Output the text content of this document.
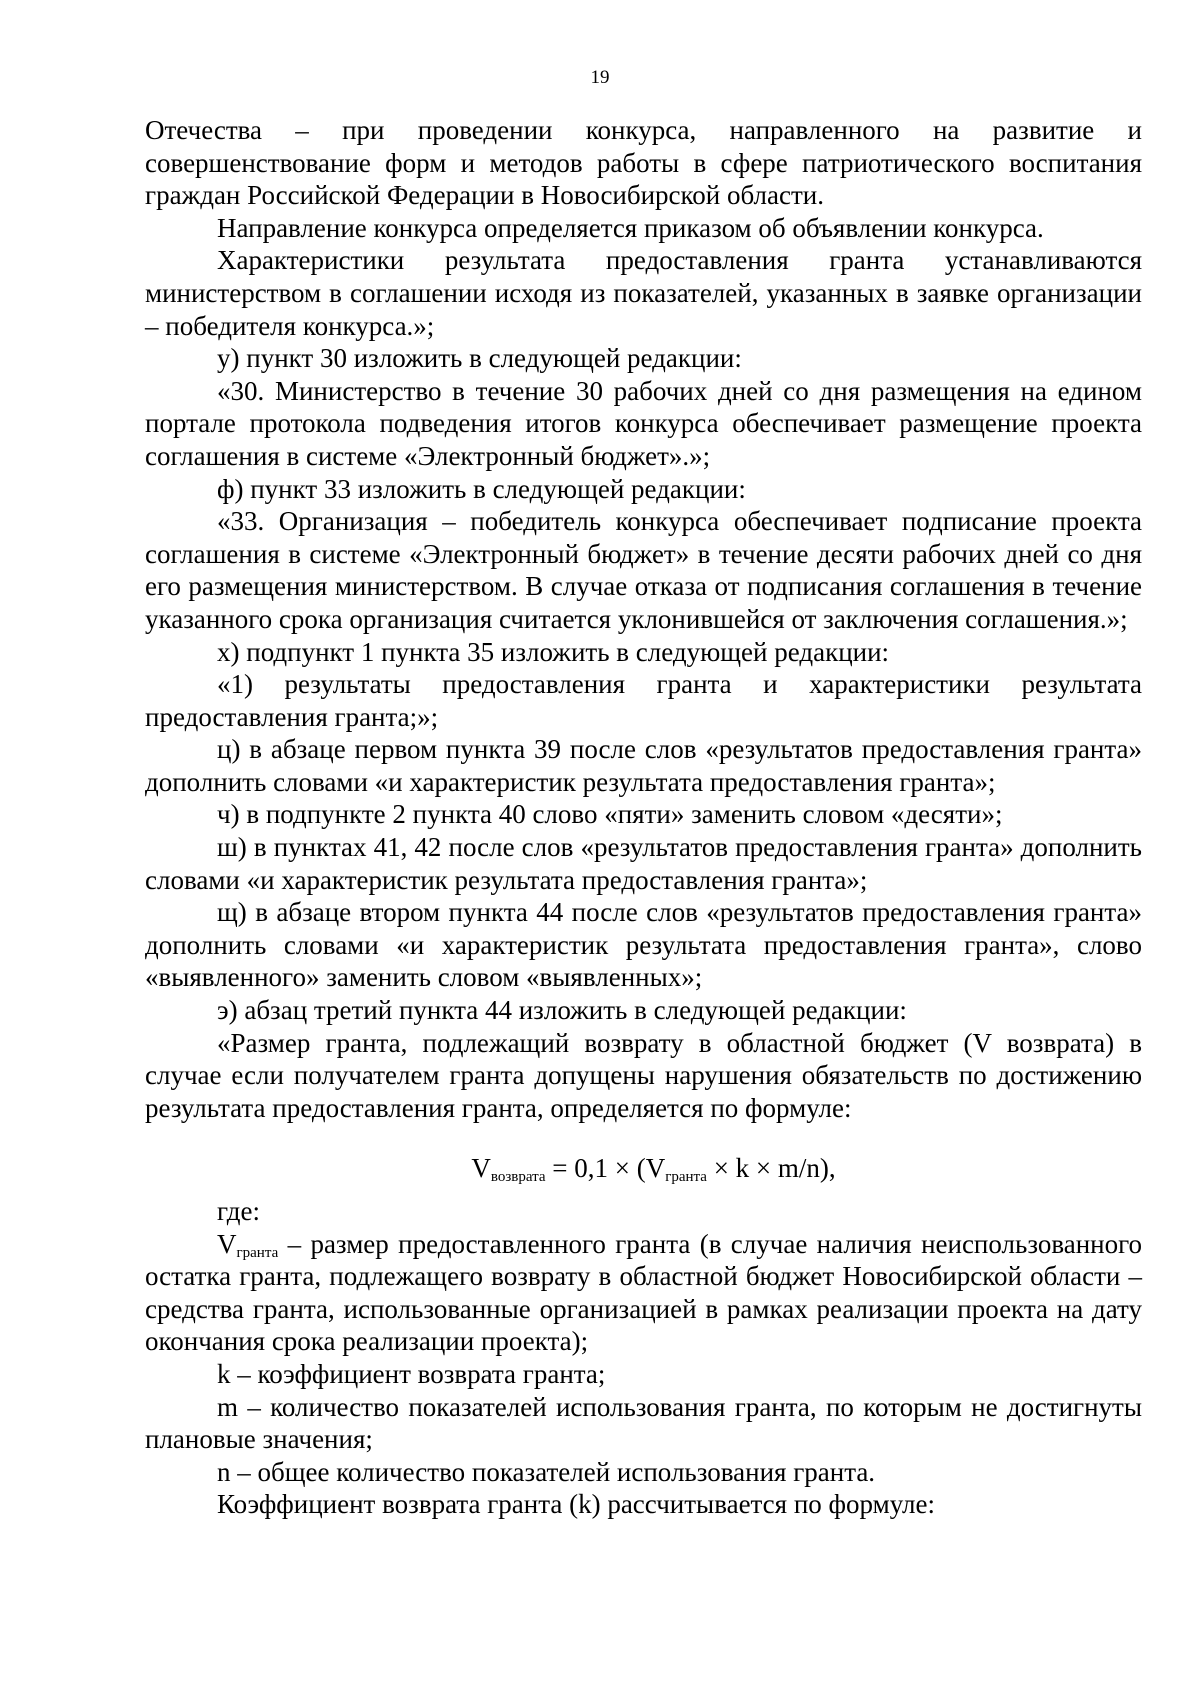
19

Отечества – при проведении конкурса, направленного на развитие и совершенствование форм и методов работы в сфере патриотического воспитания граждан Российской Федерации в Новосибирской области.

Направление конкурса определяется приказом об объявлении конкурса.

Характеристики результата предоставления гранта устанавливаются министерством в соглашении исходя из показателей, указанных в заявке организации – победителя конкурса.»;

у) пункт 30 изложить в следующей редакции:

«30. Министерство в течение 30 рабочих дней со дня размещения на едином портале протокола подведения итогов конкурса обеспечивает размещение проекта соглашения в системе «Электронный бюджет».»;

ф) пункт 33 изложить в следующей редакции:

«33. Организация – победитель конкурса обеспечивает подписание проекта соглашения в системе «Электронный бюджет» в течение десяти рабочих дней со дня его размещения министерством. В случае отказа от подписания соглашения в течение указанного срока организация считается уклонившейся от заключения соглашения.»;

х) подпункт 1 пункта 35 изложить в следующей редакции:

«1) результаты предоставления гранта и характеристики результата предоставления гранта;»;

ц) в абзаце первом пункта 39 после слов «результатов предоставления гранта» дополнить словами «и характеристик результата предоставления гранта»;

ч) в подпункте 2 пункта 40 слово «пяти» заменить словом «десяти»;

ш) в пунктах 41, 42 после слов «результатов предоставления гранта» дополнить словами «и характеристик результата предоставления гранта»;

щ) в абзаце втором пункта 44 после слов «результатов предоставления гранта» дополнить словами «и характеристик результата предоставления гранта», слово «выявленного» заменить словом «выявленных»;

э) абзац третий пункта 44 изложить в следующей редакции:

«Размер гранта, подлежащий возврату в областной бюджет (V возврата) в случае если получателем гранта допущены нарушения обязательств по достижению результата предоставления гранта, определяется по формуле:

$V_{возврата} = 0,1 \times (V_{гранта} \times k \times m/n)$,

где:

$V_{гранта}$ – размер предоставленного гранта (в случае наличия неиспользованного остатка гранта, подлежащего возврату в областной бюджет Новосибирской области – средства гранта, использованные организацией в рамках реализации проекта на дату окончания срока реализации проекта);

k – коэффициент возврата гранта;

m – количество показателей использования гранта, по которым не достигнуты плановые значения;

n – общее количество показателей использования гранта.

Коэффициент возврата гранта (k) рассчитывается по формуле:
